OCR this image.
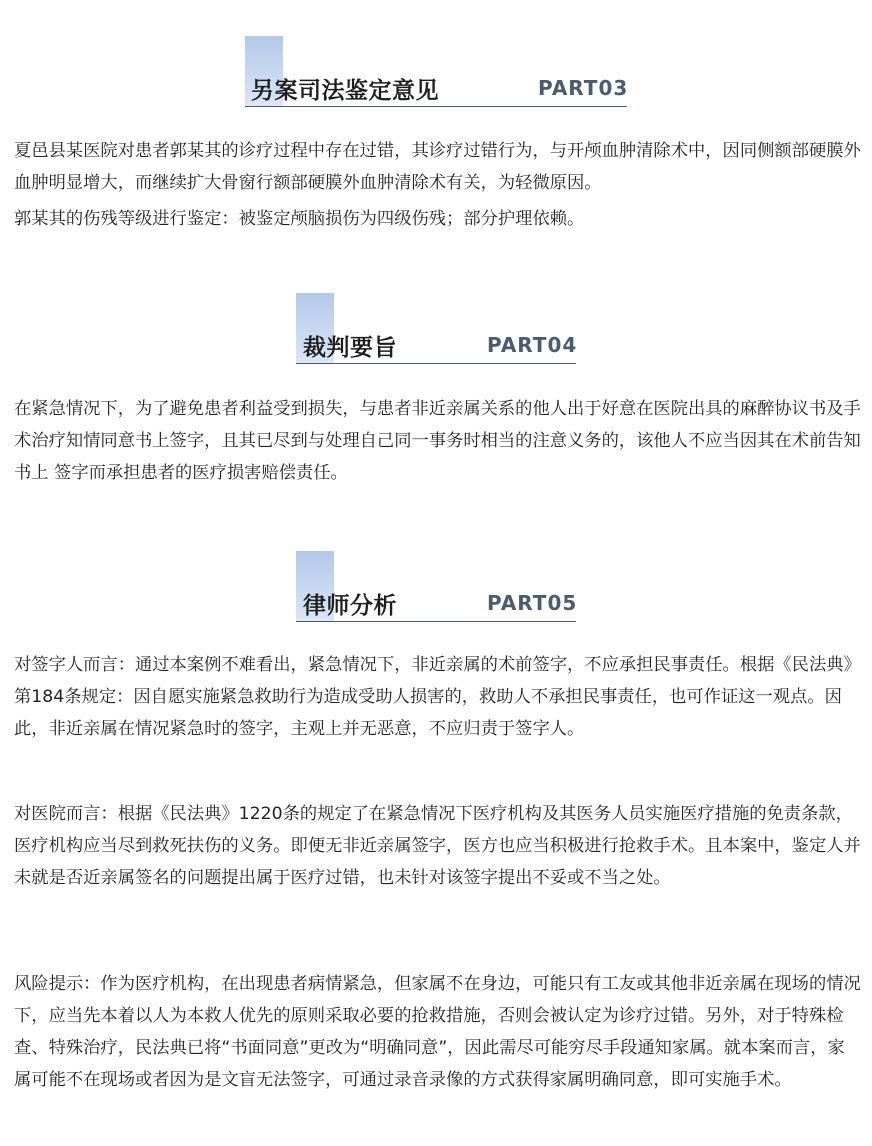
另案司法鉴定意见	PART03

夏邑县某医院对患者郭某其的诊疗过程中存在过错，其诊疗过错行为，与开颅血肿清除术中，因同侧额部硬膜外血肿明显增大，而继续扩大骨窗行额部硬膜外血肿清除术有关，为轻微原因。

郭某其的伤残等级进行鉴定：被鉴定颅脑损伤为四级伤残；部分护理依赖。

裁判要旨	PART04

在紧急情况下，为了避免患者利益受到损失，与患者非近亲属关系的他人出于好意在医院出具的麻醉协议书及手术治疗知情同意书上签字，且其已尽到与处理自己同一事务时相当的注意义务的，该他人不应当因其在术前告知书上 签字而承担患者的医疗损害赔偿责任。

律师分析	PART05

对签字人而言：通过本案例不难看出，紧急情况下，非近亲属的术前签字，不应承担民事责任。根据《民法典》第184条规定：因自愿实施紧急救助行为造成受助人损害的，救助人不承担民事责任，也可作证这一观点。因此，非近亲属在情况紧急时的签字，主观上并无恶意，不应归责于签字人。

对医院而言：根据《民法典》1220条的规定了在紧急情况下医疗机构及其医务人员实施医疗措施的免责条款，医疗机构应当尽到救死扶伤的义务。即便无非近亲属签字，医方也应当积极进行抢救手术。且本案中，鉴定人并未就是否近亲属签名的问题提出属于医疗过错，也未针对该签字提出不妥或不当之处。

风险提示：作为医疗机构，在出现患者病情紧急，但家属不在身边，可能只有工友或其他非近亲属在现场的情况下，应当先本着以人为本救人优先的原则采取必要的抢救措施，否则会被认定为诊疗过错。另外，对于特殊检查、特殊治疗，民法典已将“书面同意”更改为“明确同意”，因此需尽可能穷尽手段通知家属。就本案而言，家属可能不在现场或者因为是文盲无法签字，可通过录音录像的方式获得家属明确同意，即可实施手术。
